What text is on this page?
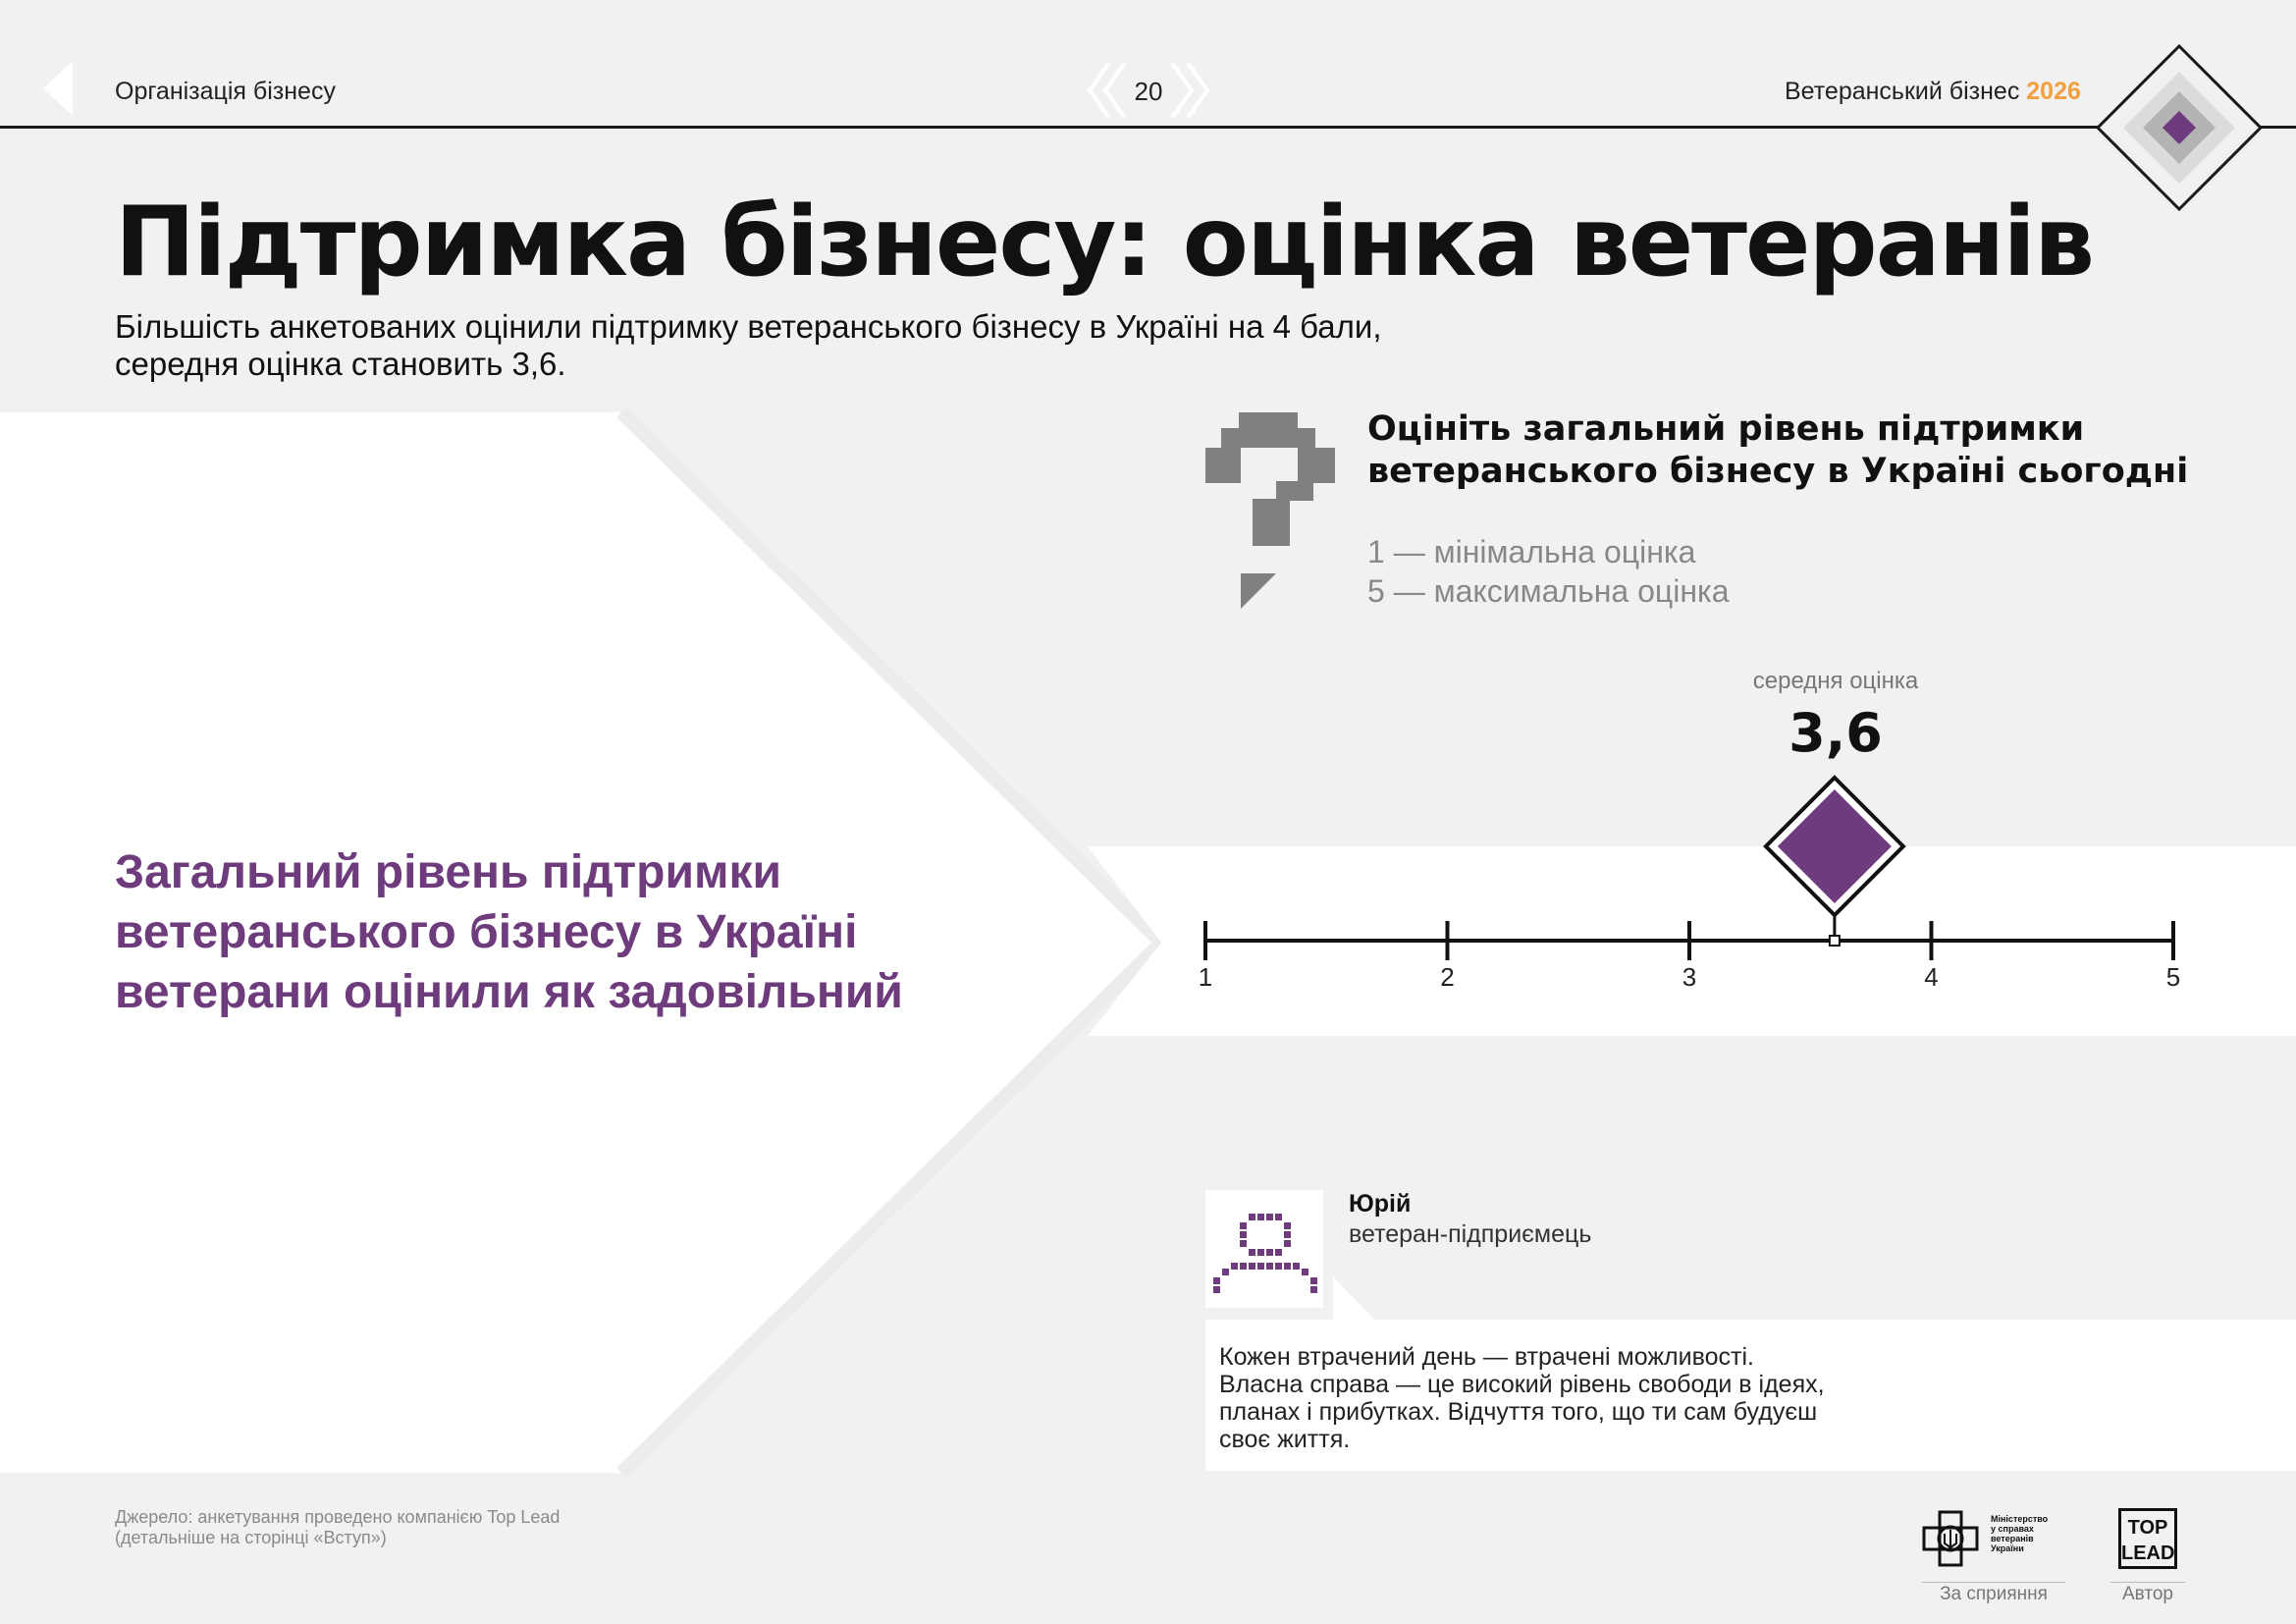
Організація бізнесу	20	Ветеранський бізнес 2026
Підтримка бізнесу: оцінка ветеранів
Більшість анкетованих оцінили підтримку ветеранського бізнесу в Україні на 4 бали,
середня оцінка становить 3,6.
Загальний рівень підтримки
ветеранського бізнесу в Україні
ветерани оцінили як задовільний
Оцініть загальний рівень підтримки
ветеранського бізнесу в Україні сьогодні
1 — мінімальна оцінка
5 — максимальна оцінка
середня оцінка
3,6
1	2	3	4	5
Юрій
ветеран-підприємець
Кожен втрачений день — втрачені можливості.
Власна справа — це високий рівень свободи в ідеях,
планах і прибутках. Відчуття того, що ти сам будуєш
своє життя.
Джерело: анкетування проведено компанією Top Lead
(детальніше на сторінці «Вступ»)
Міністерство
у справах
ветеранів
України
За сприяння
TOP
LEAD
Автор
